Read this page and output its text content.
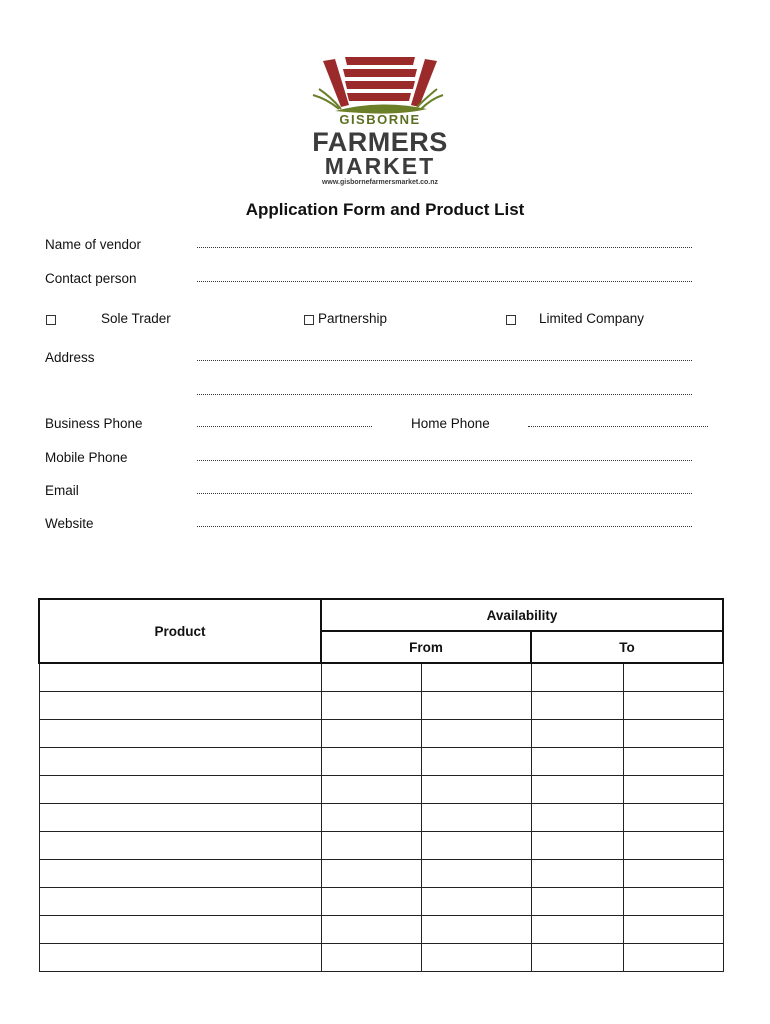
GISBORNE
FARMERS
MARKET
www.gisbornefarmersmarket.co.nz
Application Form and Product List
Name of vendor
Contact person
Sole Trader	Partnership	Limited Company
Address
Business Phone	Home Phone
Mobile Phone
Email
Website
Product	Availability			
	From		To	
